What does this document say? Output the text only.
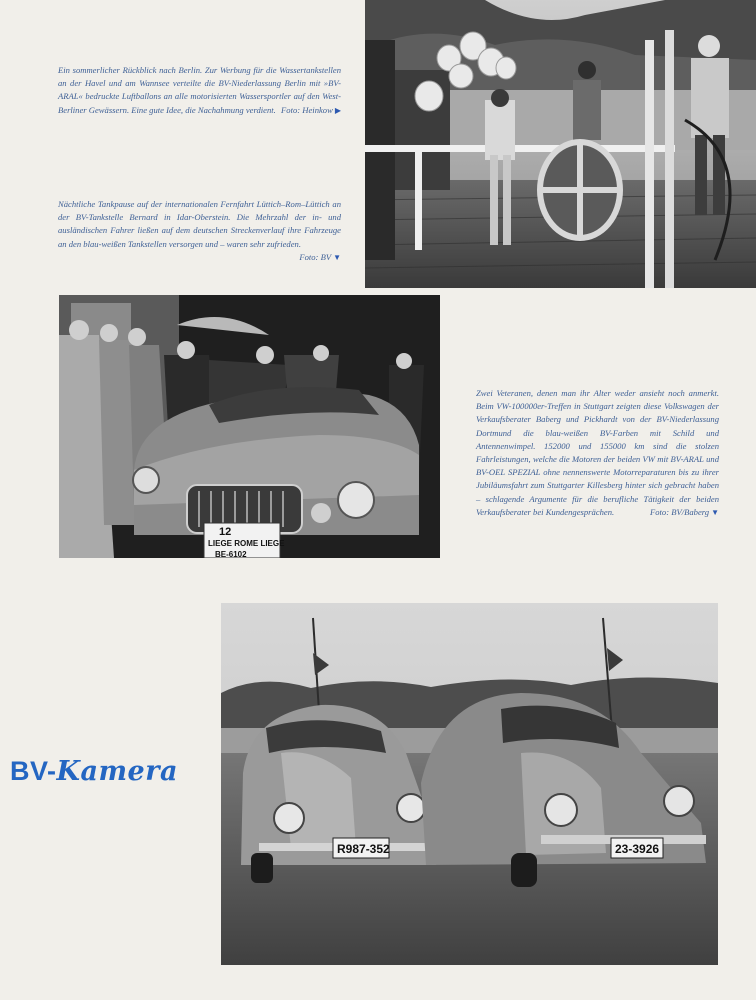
Ein sommerlicher Rückblick nach Berlin. Zur Werbung für die Wassertankstellen an der Havel und am Wannsee verteilte die BV-Niederlassung Berlin mit »BV-ARAL« bedruckte Luftballons an alle motorisierten Wassersportler auf den West-Berliner Gewässern. Eine gute Idee, die Nachahmung verdient. Foto: Heinkow ▶

Nächtliche Tankpause auf der internationalen Fernfahrt Lüttich–Rom–Lüttich an der BV-Tankstelle Bernard in Idar-Oberstein. Die Mehrzahl der in- und ausländischen Fahrer ließen auf dem deutschen Streckenverlauf ihre Fahrzeuge an den blau-weißen Tankstellen versorgen und – waren sehr zufrieden.
Foto: BV ▼

Zwei Veteranen, denen man ihr Alter weder ansieht noch anmerkt. Beim VW-100000er-Treffen in Stuttgart zeigten diese Volkswagen der Verkaufsberater Baberg und Pickhardt von der BV-Niederlassung Dortmund die blau-weißen BV-Farben mit Schild und Antennenwimpel. 152000 und 155000 km sind die stolzen Fahrleistungen, welche die Motoren der beiden VW mit BV-ARAL und BV-OEL SPEZIAL ohne nennenswerte Motorreparaturen bis zu ihrer Jubiläumsfahrt zum Stuttgarter Killesberg hinter sich gebracht haben – schlagende Argumente für die berufliche Tätigkeit der beiden Verkaufsberater bei Kundengesprächen.	Foto: BV/Baberg ▼

12
LIEGE ROME LIEGE
BE-6102
R987-352	23-3926
BV-Kamera
